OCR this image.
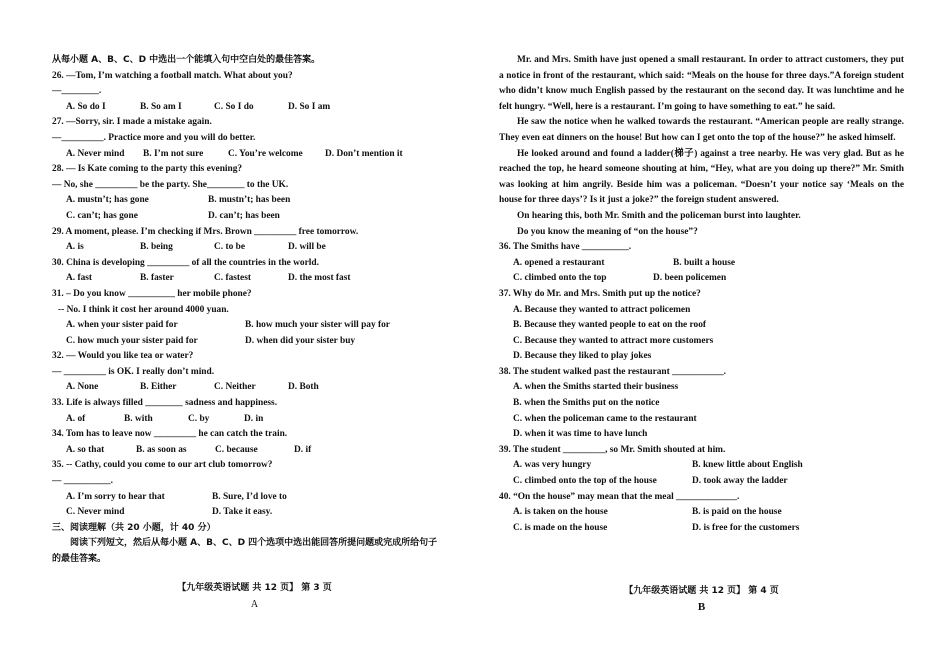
从每小题 A、B、C、D 中选出一个能填入句中空白处的最佳答案。
26. —Tom, I’m watching a football match. What about you?
—________.
A. So do I	B. So am I	C. So I do	D. So I am
27. —Sorry, sir. I made a mistake again.
—_________. Practice more and you will do better.
A. Never mind	B. I’m not sure	C. You’re welcome	D. Don’t mention it
28. — Is Kate coming to the party this evening?
— No, she _________ be the party. She________ to the UK.
A. mustn’t; has gone	B. mustn’t; has been
C. can’t; has gone	D. can’t; has been
29. A moment, please. I’m checking if Mrs. Brown _________ free tomorrow.
A. is	B. being	C. to be	D. will be
30. China is developing _________ of all the countries in the world.
A. fast	B. faster	C. fastest	D. the most fast
31. – Do you know __________ her mobile phone?
-- No. I think it cost her around 4000 yuan.
A. when your sister paid for	B. how much your sister will pay for
C. how much your sister paid for	D. when did your sister buy
32. — Would you like tea or water?
— _________ is OK. I really don’t mind.
A. None	B. Either	C. Neither	D. Both
33. Life is always filled ________ sadness and happiness.
A. of	B. with	C. by	D. in
34. Tom has to leave now _________ he can catch the train.
A. so that	B. as soon as	C. because	D. if
35. -- Cathy, could you come to our art club tomorrow?
— __________.
A. I’m sorry to hear that	B. Sure, I’d love to
C. Never mind	D. Take it easy.
三、阅读理解（共 20 小题，计 40 分）
阅读下列短文，然后从每小题 A、B、C、D 四个选项中选出能回答所提问题或完成所给句子
的最佳答案。
【九年级英语试题 共 12 页】 第 3 页
A
Mr. and Mrs. Smith have just opened a small restaurant. In order to attract customers, they put a notice in front of the restaurant, which said: “Meals on the house for three days.”A foreign student who didn’t know much English passed by the restaurant on the second day. It was lunchtime and he felt hungry. “Well, here is a restaurant. I’m going to have something to eat.” he said.
He saw the notice when he walked towards the restaurant. “American people are really strange. They even eat dinners on the house! But how can I get onto the top of the house?” he asked himself.
He looked around and found a ladder(梯子) against a tree nearby. He was very glad. But as he reached the top, he heard someone shouting at him, “Hey, what are you doing up there?” Mr. Smith was looking at him angrily. Beside him was a policeman. “Doesn’t your notice say ‘Meals on the house for three days’? Is it just a joke?” the foreign student answered.
On hearing this, both Mr. Smith and the policeman burst into laughter.
Do you know the meaning of “on the house”?
36. The Smiths have __________.
A. opened a restaurant	B. built a house
C. climbed onto the top	D. been policemen
37. Why do Mr. and Mrs. Smith put up the notice?
A. Because they wanted to attract policemen
B. Because they wanted people to eat on the roof
C. Because they wanted to attract more customers
D. Because they liked to play jokes
38. The student walked past the restaurant ___________.
A. when the Smiths started their business
B. when the Smiths put on the notice
C. when the policeman came to the restaurant
D. when it was time to have lunch
39. The student _________, so Mr. Smith shouted at him.
A. was very hungry	B. knew little about English
C. climbed onto the top of the house	D. took away the ladder
40. “On the house” may mean that the meal _____________.
A. is taken on the house	B. is paid on the house
C. is made on the house	D. is free for the customers
【九年级英语试题 共 12 页】 第 4 页
B
